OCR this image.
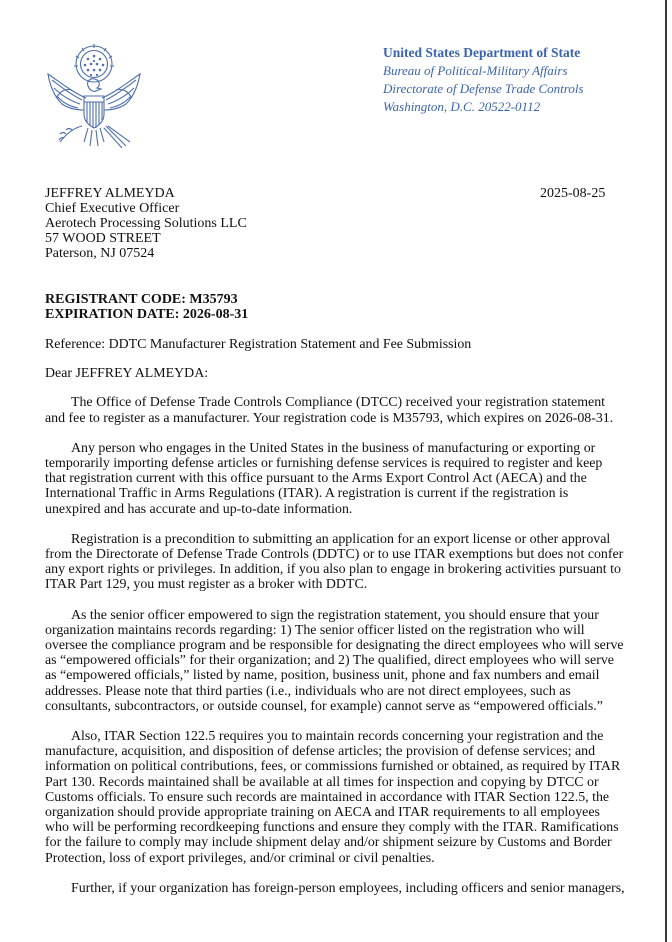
United States Department of State
Bureau of Political-Military Affairs
Directorate of Defense Trade Controls
Washington, D.C. 20522-0112
JEFFREY ALMEYDA
Chief Executive Officer
Aerotech Processing Solutions LLC
57 WOOD STREET
Paterson, NJ 07524
2025-08-25
REGISTRANT CODE: M35793
EXPIRATION DATE: 2026-08-31

Reference: DDTC Manufacturer Registration Statement and Fee Submission

Dear JEFFREY ALMEYDA:

The Office of Defense Trade Controls Compliance (DTCC) received your registration statement and fee to register as a manufacturer. Your registration code is M35793, which expires on 2026-08-31.

Any person who engages in the United States in the business of manufacturing or exporting or temporarily importing defense articles or furnishing defense services is required to register and keep that registration current with this office pursuant to the Arms Export Control Act (AECA) and the International Traffic in Arms Regulations (ITAR). A registration is current if the registration is unexpired and has accurate and up-to-date information.

Registration is a precondition to submitting an application for an export license or other approval from the Directorate of Defense Trade Controls (DDTC) or to use ITAR exemptions but does not confer any export rights or privileges. In addition, if you also plan to engage in brokering activities pursuant to ITAR Part 129, you must register as a broker with DDTC.

As the senior officer empowered to sign the registration statement, you should ensure that your organization maintains records regarding: 1) The senior officer listed on the registration who will oversee the compliance program and be responsible for designating the direct employees who will serve as “empowered officials” for their organization; and 2) The qualified, direct employees who will serve as “empowered officials,” listed by name, position, business unit, phone and fax numbers and email addresses. Please note that third parties (i.e., individuals who are not direct employees, such as consultants, subcontractors, or outside counsel, for example) cannot serve as “empowered officials.”

Also, ITAR Section 122.5 requires you to maintain records concerning your registration and the manufacture, acquisition, and disposition of defense articles; the provision of defense services; and information on political contributions, fees, or commissions furnished or obtained, as required by ITAR Part 130. Records maintained shall be available at all times for inspection and copying by DTCC or Customs officials. To ensure such records are maintained in accordance with ITAR Section 122.5, the organization should provide appropriate training on AECA and ITAR requirements to all employees who will be performing recordkeeping functions and ensure they comply with the ITAR. Ramifications for the failure to comply may include shipment delay and/or shipment seizure by Customs and Border Protection, loss of export privileges, and/or criminal or civil penalties.

Further, if your organization has foreign-person employees, including officers and senior managers,
